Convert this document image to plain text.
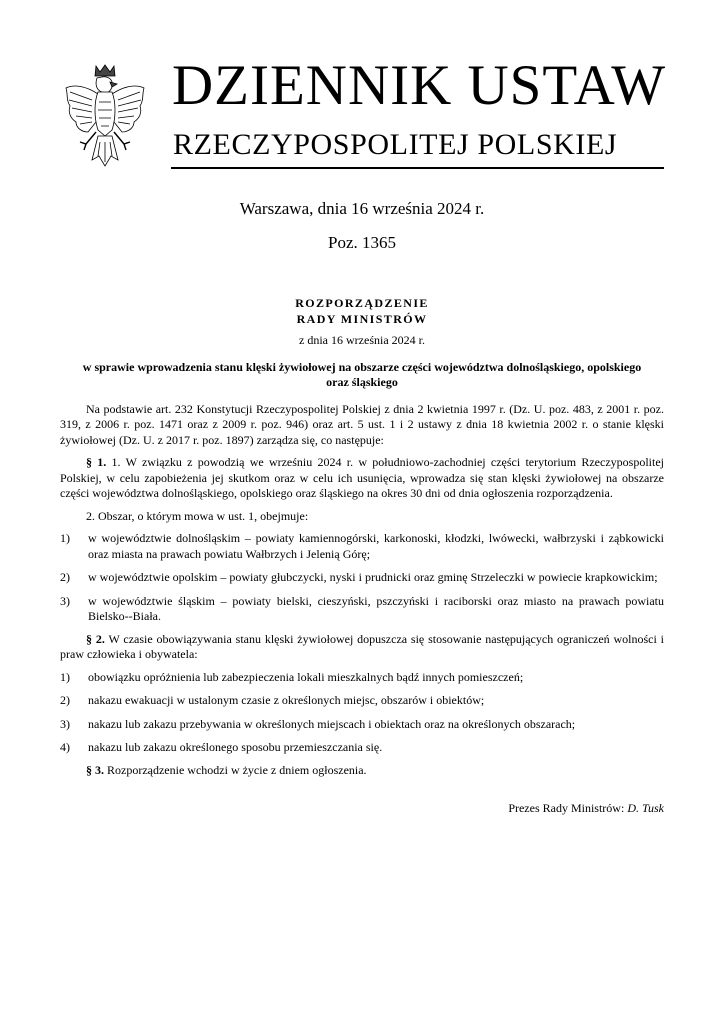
DZIENNIK USTAW
RZECZYPOSPOLITEJ POLSKIEJ
Warszawa, dnia 16 września 2024 r.
Poz. 1365
ROZPORZĄDZENIE
RADY MINISTRÓW
z dnia 16 września 2024 r.
w sprawie wprowadzenia stanu klęski żywiołowej na obszarze części województwa dolnośląskiego, opolskiego oraz śląskiego
Na podstawie art. 232 Konstytucji Rzeczypospolitej Polskiej z dnia 2 kwietnia 1997 r. (Dz. U. poz. 483, z 2001 r. poz. 319, z 2006 r. poz. 1471 oraz z 2009 r. poz. 946) oraz art. 5 ust. 1 i 2 ustawy z dnia 18 kwietnia 2002 r. o stanie klęski żywiołowej (Dz. U. z 2017 r. poz. 1897) zarządza się, co następuje:
§ 1. 1. W związku z powodzią we wrześniu 2024 r. w południowo-zachodniej części terytorium Rzeczypospolitej Polskiej, w celu zapobieżenia jej skutkom oraz w celu ich usunięcia, wprowadza się stan klęski żywiołowej na obszarze części województwa dolnośląskiego, opolskiego oraz śląskiego na okres 30 dni od dnia ogłoszenia rozporządzenia.
2. Obszar, o którym mowa w ust. 1, obejmuje:
1)	w województwie dolnośląskim – powiaty kamiennogórski, karkonoski, kłodzki, lwówecki, wałbrzyski i ząbkowicki oraz miasta na prawach powiatu Wałbrzych i Jelenią Górę;
2)	w województwie opolskim – powiaty głubczycki, nyski i prudnicki oraz gminę Strzeleczki w powiecie krapkowickim;
3)	w województwie śląskim – powiaty bielski, cieszyński, pszczyński i raciborski oraz miasto na prawach powiatu Bielsko--Biała.
§ 2. W czasie obowiązywania stanu klęski żywiołowej dopuszcza się stosowanie następujących ograniczeń wolności i praw człowieka i obywatela:
1)	obowiązku opróżnienia lub zabezpieczenia lokali mieszkalnych bądź innych pomieszczeń;
2)	nakazu ewakuacji w ustalonym czasie z określonych miejsc, obszarów i obiektów;
3)	nakazu lub zakazu przebywania w określonych miejscach i obiektach oraz na określonych obszarach;
4)	nakazu lub zakazu określonego sposobu przemieszczania się.
§ 3. Rozporządzenie wchodzi w życie z dniem ogłoszenia.
Prezes Rady Ministrów: D. Tusk
